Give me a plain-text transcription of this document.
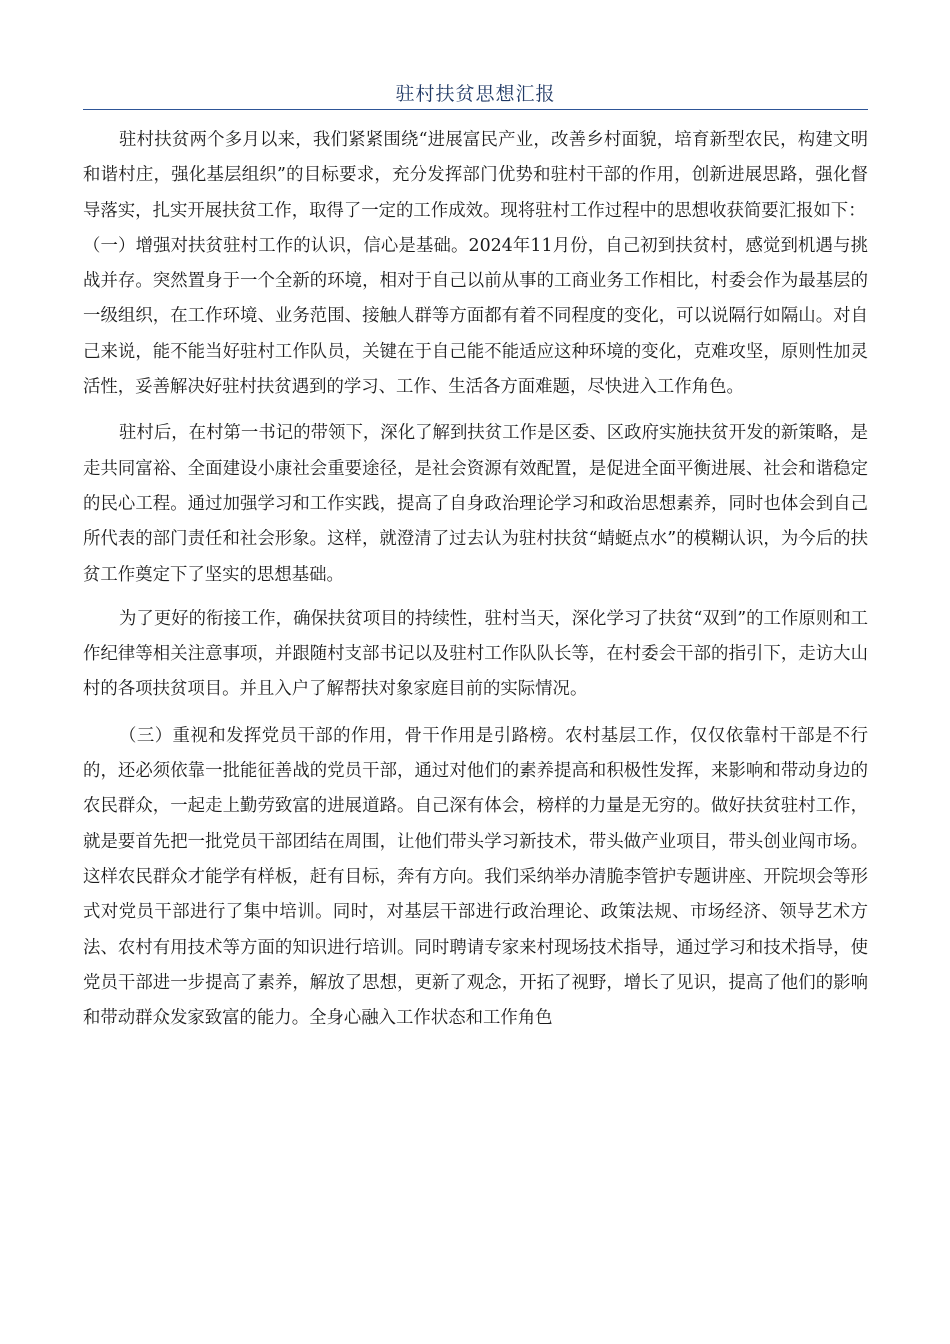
驻村扶贫思想汇报

驻村扶贫两个多月以来，我们紧紧围绕“进展富民产业，改善乡村面貌，培育新型农民，构建文明和谐村庄，强化基层组织”的目标要求，充分发挥部门优势和驻村干部的作用，创新进展思路，强化督导落实，扎实开展扶贫工作，取得了一定的工作成效。现将驻村工作过程中的思想收获简要汇报如下：

（一）增强对扶贫驻村工作的认识，信心是基础。2024年11月份，自己初到扶贫村，感觉到机遇与挑战并存。突然置身于一个全新的环境，相对于自己以前从事的工商业务工作相比，村委会作为最基层的一级组织，在工作环境、业务范围、接触人群等方面都有着不同程度的变化，可以说隔行如隔山。对自己来说，能不能当好驻村工作队员，关键在于自己能不能适应这种环境的变化，克难攻坚，原则性加灵活性，妥善解决好驻村扶贫遇到的学习、工作、生活各方面难题，尽快进入工作角色。

驻村后，在村第一书记的带领下，深化了解到扶贫工作是区委、区政府实施扶贫开发的新策略，是走共同富裕、全面建设小康社会重要途径，是社会资源有效配置，是促进全面平衡进展、社会和谐稳定的民心工程。通过加强学习和工作实践，提高了自身政治理论学习和政治思想素养，同时也体会到自己所代表的部门责任和社会形象。这样，就澄清了过去认为驻村扶贫“蜻蜓点水”的模糊认识，为今后的扶贫工作奠定下了坚实的思想基础。

为了更好的衔接工作，确保扶贫项目的持续性，驻村当天，深化学习了扶贫“双到”的工作原则和工作纪律等相关注意事项，并跟随村支部书记以及驻村工作队队长等，在村委会干部的指引下，走访大山村的各项扶贫项目。并且入户了解帮扶对象家庭目前的实际情况。

（三）重视和发挥党员干部的作用，骨干作用是引路榜。农村基层工作，仅仅依靠村干部是不行的，还必须依靠一批能征善战的党员干部，通过对他们的素养提高和积极性发挥，来影响和带动身边的农民群众，一起走上勤劳致富的进展道路。自己深有体会，榜样的力量是无穷的。做好扶贫驻村工作，就是要首先把一批党员干部团结在周围，让他们带头学习新技术，带头做产业项目，带头创业闯市场。这样农民群众才能学有样板，赶有目标，奔有方向。我们采纳举办清脆李管护专题讲座、开院坝会等形式对党员干部进行了集中培训。同时，对基层干部进行政治理论、政策法规、市场经济、领导艺术方法、农村有用技术等方面的知识进行培训。同时聘请专家来村现场技术指导，通过学习和技术指导，使党员干部进一步提高了素养，解放了思想，更新了观念，开拓了视野，增长了见识，提高了他们的影响和带动群众发家致富的能力。全身心融入工作状态和工作角色
